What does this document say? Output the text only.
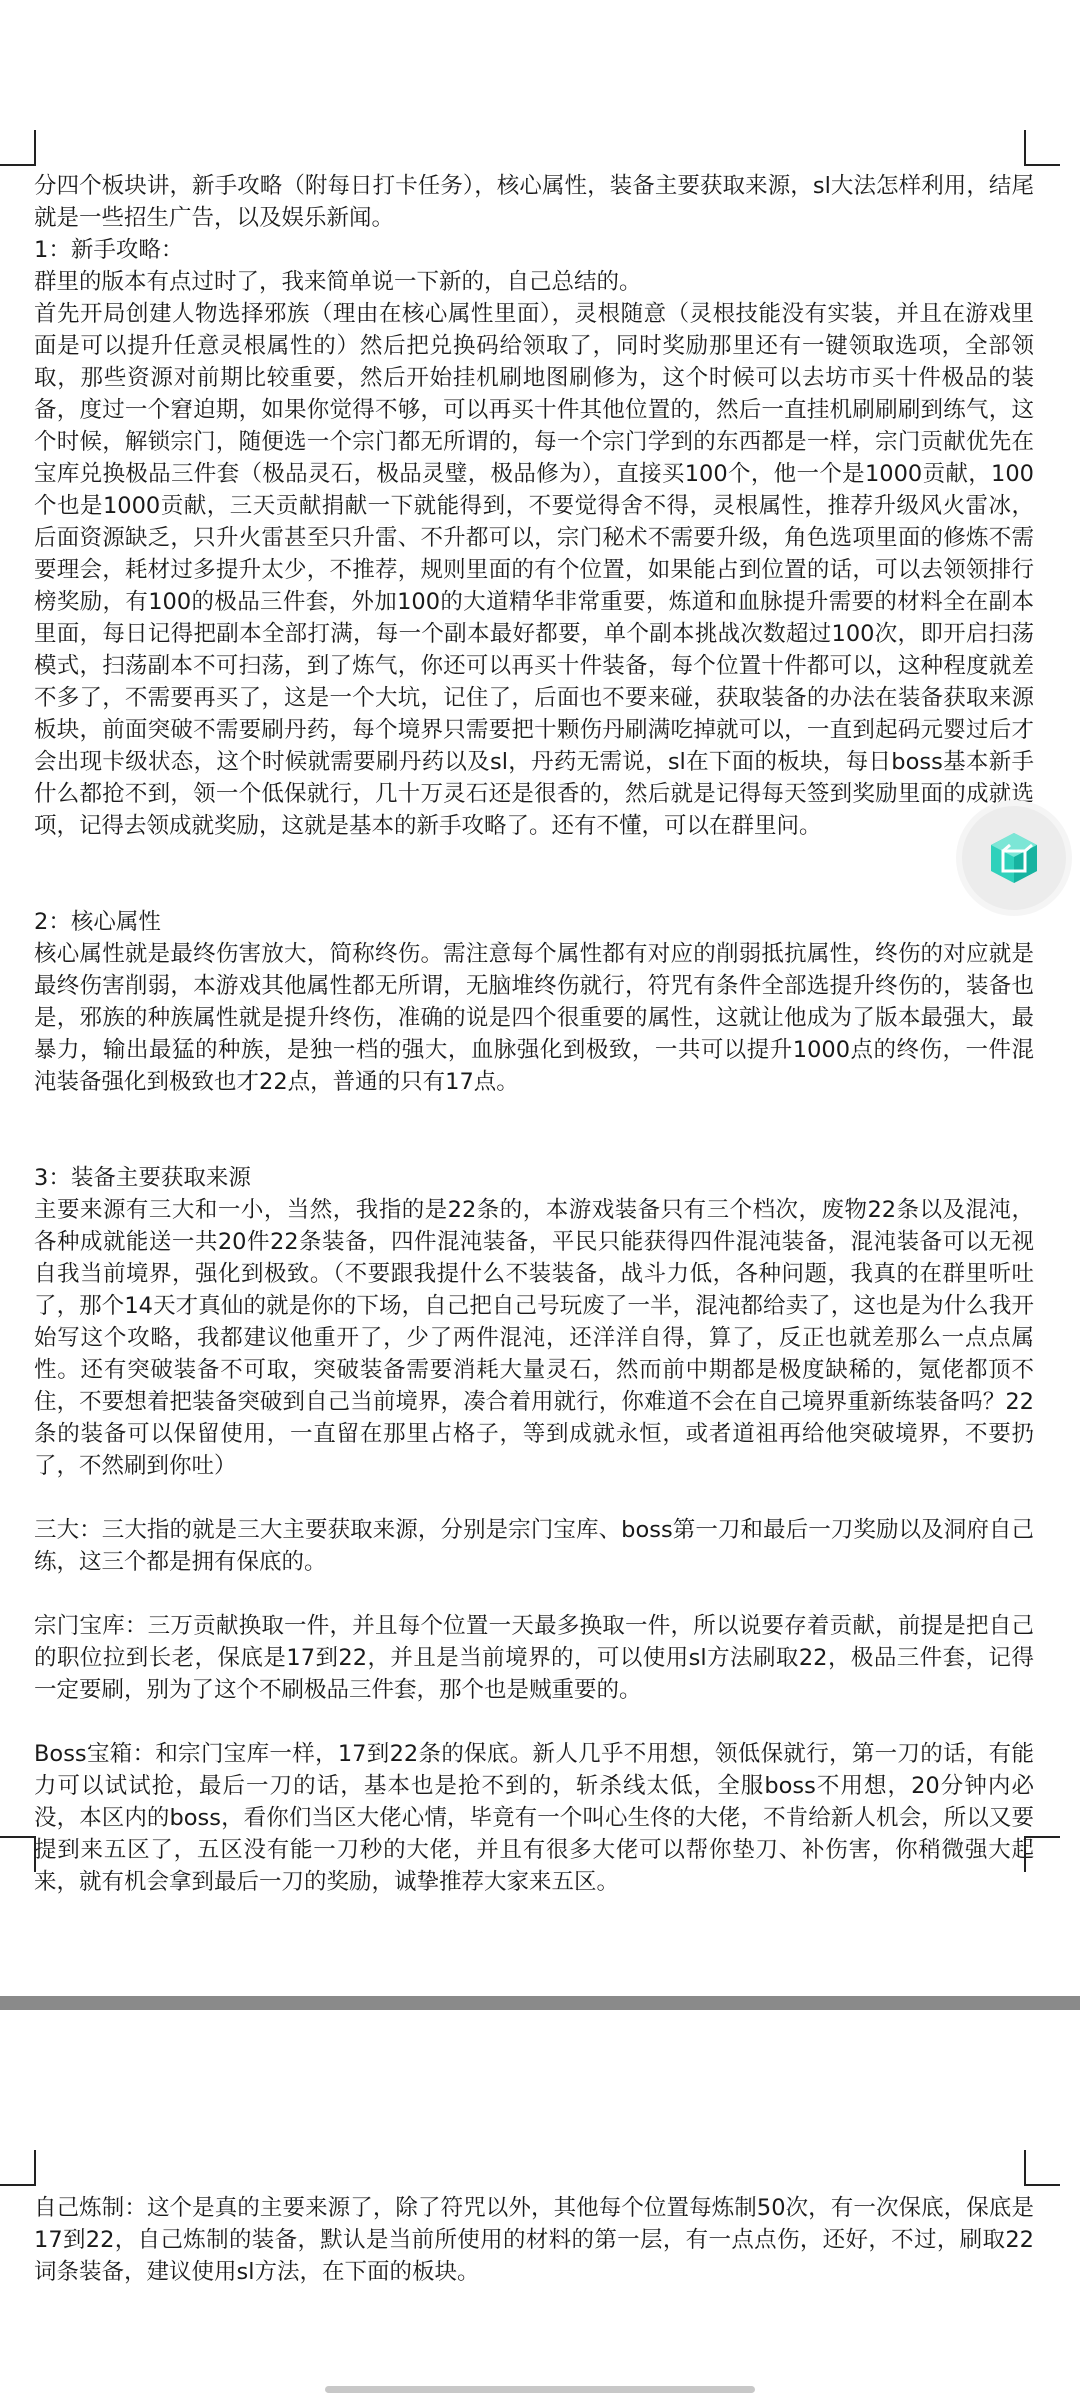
分四个板块讲，新手攻略（附每日打卡任务），核心属性，装备主要获取来源，sl大法怎样利用，结尾就是一些招生广告，以及娱乐新闻。

1：新手攻略：

群里的版本有点过时了，我来简单说一下新的，自己总结的。

首先开局创建人物选择邪族（理由在核心属性里面），灵根随意（灵根技能没有实装，并且在游戏里面是可以提升任意灵根属性的）然后把兑换码给领取了，同时奖励那里还有一键领取选项，全部领取，那些资源对前期比较重要，然后开始挂机刷地图刷修为，这个时候可以去坊市买十件极品的装备，度过一个窘迫期，如果你觉得不够，可以再买十件其他位置的，然后一直挂机刷刷刷到练气，这个时候，解锁宗门，随便选一个宗门都无所谓的，每一个宗门学到的东西都是一样，宗门贡献优先在宝库兑换极品三件套（极品灵石，极品灵璧，极品修为），直接买100个，他一个是1000贡献，100个也是1000贡献，三天贡献捐献一下就能得到，不要觉得舍不得，灵根属性，推荐升级风火雷冰，后面资源缺乏，只升火雷甚至只升雷、不升都可以，宗门秘术不需要升级，角色选项里面的修炼不需要理会，耗材过多提升太少，不推荐，规则里面的有个位置，如果能占到位置的话，可以去领领排行榜奖励，有100的极品三件套，外加100的大道精华非常重要，炼道和血脉提升需要的材料全在副本里面，每日记得把副本全部打满，每一个副本最好都要，单个副本挑战次数超过100次，即开启扫荡模式，扫荡副本不可扫荡，到了炼气，你还可以再买十件装备，每个位置十件都可以，这种程度就差不多了，不需要再买了，这是一个大坑，记住了，后面也不要来碰，获取装备的办法在装备获取来源板块，前面突破不需要刷丹药，每个境界只需要把十颗伤丹刷满吃掉就可以，一直到起码元婴过后才会出现卡级状态，这个时候就需要刷丹药以及sl，丹药无需说，sl在下面的板块，每日boss基本新手什么都抢不到，领一个低保就行，几十万灵石还是很香的，然后就是记得每天签到奖励里面的成就选项，记得去领成就奖励，这就是基本的新手攻略了。还有不懂，可以在群里问。

2：核心属性

核心属性就是最终伤害放大，简称终伤。需注意每个属性都有对应的削弱抵抗属性，终伤的对应就是最终伤害削弱，本游戏其他属性都无所谓，无脑堆终伤就行，符咒有条件全部选提升终伤的，装备也是，邪族的种族属性就是提升终伤，准确的说是四个很重要的属性，这就让他成为了版本最强大，最暴力，输出最猛的种族，是独一档的强大，血脉强化到极致，一共可以提升1000点的终伤，一件混沌装备强化到极致也才22点，普通的只有17点。

3：装备主要获取来源

主要来源有三大和一小，当然，我指的是22条的，本游戏装备只有三个档次，废物22条以及混沌，各种成就能送一共20件22条装备，四件混沌装备，平民只能获得四件混沌装备，混沌装备可以无视自我当前境界，强化到极致。（不要跟我提什么不装装备，战斗力低，各种问题，我真的在群里听吐了，那个14天才真仙的就是你的下场，自己把自己号玩废了一半，混沌都给卖了，这也是为什么我开始写这个攻略，我都建议他重开了，少了两件混沌，还洋洋自得，算了，反正也就差那么一点点属性。还有突破装备不可取，突破装备需要消耗大量灵石，然而前中期都是极度缺稀的，氪佬都顶不住，不要想着把装备突破到自己当前境界，凑合着用就行，你难道不会在自己境界重新练装备吗？22条的装备可以保留使用，一直留在那里占格子，等到成就永恒，或者道祖再给他突破境界，不要扔了，不然刷到你吐）

三大：三大指的就是三大主要获取来源，分别是宗门宝库、boss第一刀和最后一刀奖励以及洞府自己练，这三个都是拥有保底的。

宗门宝库：三万贡献换取一件，并且每个位置一天最多换取一件，所以说要存着贡献，前提是把自己的职位拉到长老，保底是17到22，并且是当前境界的，可以使用sl方法刷取22，极品三件套，记得一定要刷，别为了这个不刷极品三件套，那个也是贼重要的。

Boss宝箱：和宗门宝库一样，17到22条的保底。新人几乎不用想，领低保就行，第一刀的话，有能力可以试试抢，最后一刀的话，基本也是抢不到的，斩杀线太低，全服boss不用想，20分钟内必没，本区内的boss，看你们当区大佬心情，毕竟有一个叫心生佟的大佬，不肯给新人机会，所以又要提到来五区了，五区没有能一刀秒的大佬，并且有很多大佬可以帮你垫刀、补伤害，你稍微强大起来，就有机会拿到最后一刀的奖励，诚挚推荐大家来五区。

自己炼制：这个是真的主要来源了，除了符咒以外，其他每个位置每炼制50次，有一次保底，保底是17到22，自己炼制的装备，默认是当前所使用的材料的第一层，有一点点伤，还好，不过，刷取22词条装备，建议使用sl方法，在下面的板块。
